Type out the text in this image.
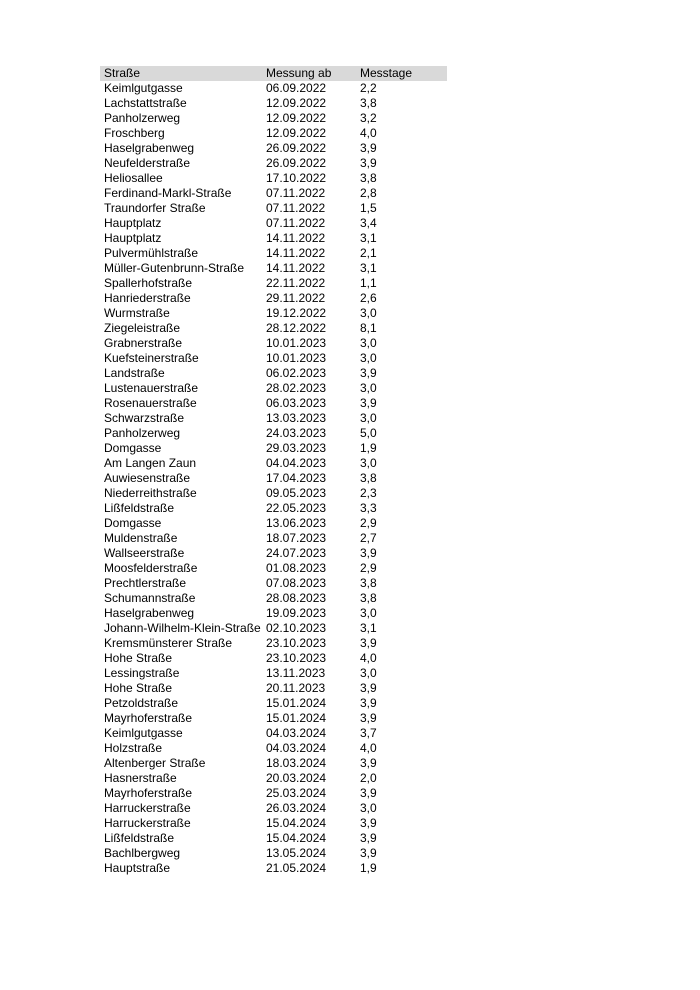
Straße	Messung ab	Messtage
Keimlgutgasse	06.09.2022	2,2
Lachstattstraße	12.09.2022	3,8
Panholzerweg	12.09.2022	3,2
Froschberg	12.09.2022	4,0
Haselgrabenweg	26.09.2022	3,9
Neufelderstraße	26.09.2022	3,9
Heliosallee	17.10.2022	3,8
Ferdinand-Markl-Straße	07.11.2022	2,8
Traundorfer Straße	07.11.2022	1,5
Hauptplatz	07.11.2022	3,4
Hauptplatz	14.11.2022	3,1
Pulvermühlstraße	14.11.2022	2,1
Müller-Gutenbrunn-Straße	14.11.2022	3,1
Spallerhofstraße	22.11.2022	1,1
Hanriederstraße	29.11.2022	2,6
Wurmstraße	19.12.2022	3,0
Ziegeleistraße	28.12.2022	8,1
Grabnerstraße	10.01.2023	3,0
Kuefsteinerstraße	10.01.2023	3,0
Landstraße	06.02.2023	3,9
Lustenauerstraße	28.02.2023	3,0
Rosenauerstraße	06.03.2023	3,9
Schwarzstraße	13.03.2023	3,0
Panholzerweg	24.03.2023	5,0
Domgasse	29.03.2023	1,9
Am Langen Zaun	04.04.2023	3,0
Auwiesenstraße	17.04.2023	3,8
Niederreithstraße	09.05.2023	2,3
Lißfeldstraße	22.05.2023	3,3
Domgasse	13.06.2023	2,9
Muldenstraße	18.07.2023	2,7
Wallseerstraße	24.07.2023	3,9
Moosfelderstraße	01.08.2023	2,9
Prechtlerstraße	07.08.2023	3,8
Schumannstraße	28.08.2023	3,8
Haselgrabenweg	19.09.2023	3,0
Johann-Wilhelm-Klein-Straße	02.10.2023	3,1
Kremsmünsterer Straße	23.10.2023	3,9
Hohe Straße	23.10.2023	4,0
Lessingstraße	13.11.2023	3,0
Hohe Straße	20.11.2023	3,9
Petzoldstraße	15.01.2024	3,9
Mayrhoferstraße	15.01.2024	3,9
Keimlgutgasse	04.03.2024	3,7
Holzstraße	04.03.2024	4,0
Altenberger Straße	18.03.2024	3,9
Hasnerstraße	20.03.2024	2,0
Mayrhoferstraße	25.03.2024	3,9
Harruckerstraße	26.03.2024	3,0
Harruckerstraße	15.04.2024	3,9
Lißfeldstraße	15.04.2024	3,9
Bachlbergweg	13.05.2024	3,9
Hauptstraße	21.05.2024	1,9
